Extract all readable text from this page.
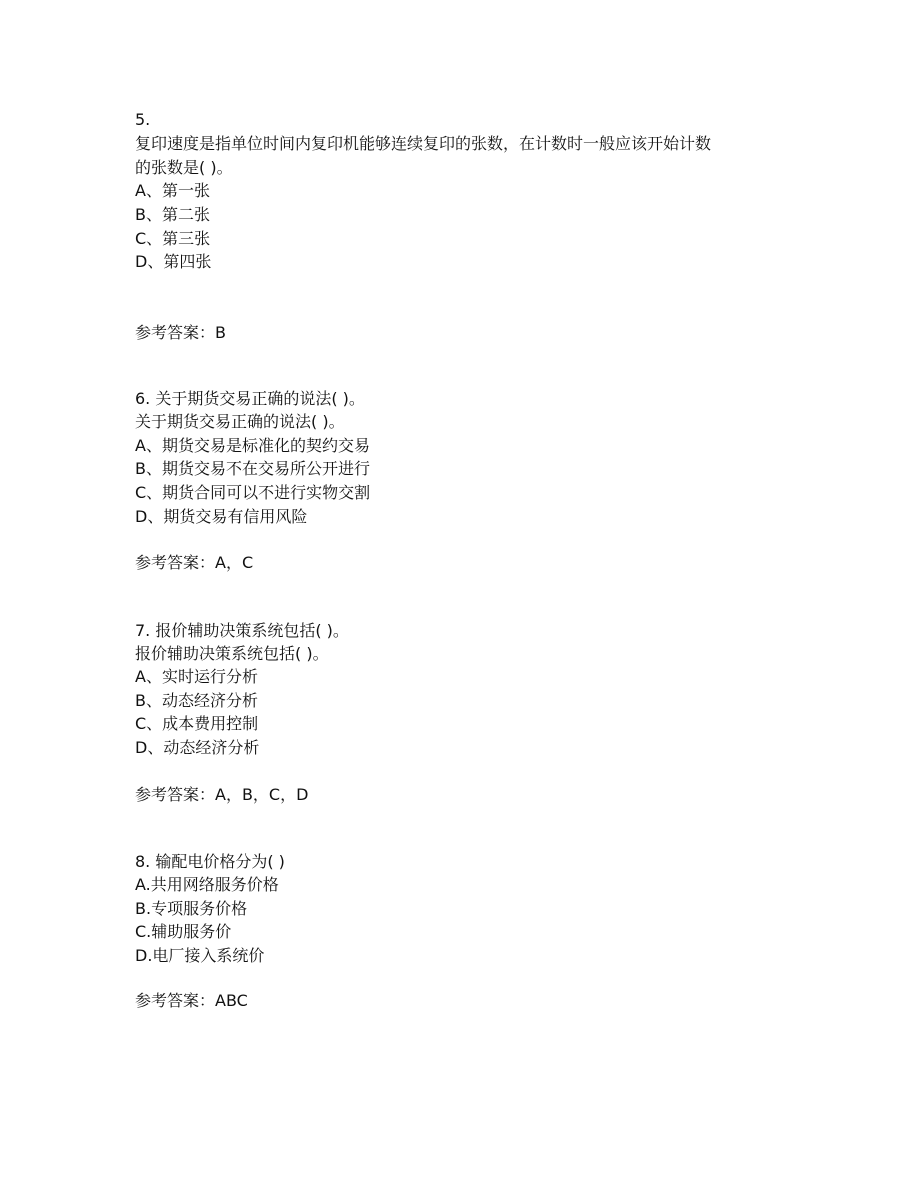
5.
复印速度是指单位时间内复印机能够连续复印的张数，在计数时一般应该开始计数
的张数是( )。
A、第一张
B、第二张
C、第三张
D、第四张
参考答案：B
6. 关于期货交易正确的说法( )。
关于期货交易正确的说法( )。
A、期货交易是标准化的契约交易
B、期货交易不在交易所公开进行
C、期货合同可以不进行实物交割
D、期货交易有信用风险
参考答案：A，C
7. 报价辅助决策系统包括( )。
报价辅助决策系统包括( )。
A、实时运行分析
B、动态经济分析
C、成本费用控制
D、动态经济分析
参考答案：A，B，C，D
8. 输配电价格分为( )
A.共用网络服务价格
B.专项服务价格
C.辅助服务价
D.电厂接入系统价
参考答案：ABC
